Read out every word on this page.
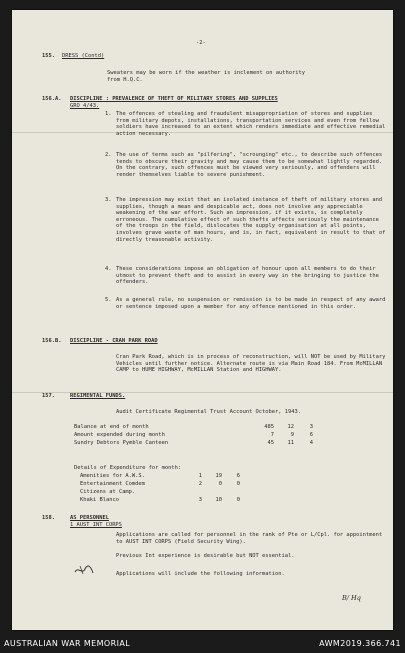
-2-
155. DRESS (Contd)
Sweaters may be worn if the weather is inclement on authority from H.Q.C.
156.A. DISCIPLINE : PREVALENCE OF THEFT OF MILITARY STORES AND SUPPLIES
GRO 4/43.
1. The offences of stealing and fraudulent misappropriation of stores and supplies from military depots, installations, transportation services and even from fellow soldiers have increased to an extent which renders immediate and effective remedial action necessary.
2. The use of terms such as "pilfering", "scrounging" etc., to describe such offences tends to obscure their gravity and may cause them to be somewhat lightly regarded. On the contrary, such offences must be viewed very seriously, and offenders will render themselves liable to severe punishment.
3. The impression may exist that an isolated instance of theft of military stores and supplies, though a mean and despicable act, does not involve any appreciable weakening of the war effort. Such an impression, if it exists, is completely erroneous. The cumulative effect of such thefts affects seriously the maintenance of the troops in the field, dislocates the supply organisation at all points, involves grave waste of man hours, and is, in fact, equivalent in result to that of directly treasonable activity.
4. These considerations impose an obligation of honour upon all members to do their utmost to prevent theft and to assist in every way in the bringing to justice the offenders.
5. As a general rule, no suspension or remission is to be made in respect of any award or sentence imposed upon a member for any offence mentioned in this order.
156.B. DISCIPLINE - CRAN PARK ROAD
Cran Park Road, which is in process of reconstruction, will NOT be used by Military Vehicles until further notice. Alternate route is via Main Road 184. From McMILLAN CAMP to HUME HIGHWAY, McMILLAN Station and HIGHWAY.
157.	REGIMENTAL FUNDS.
Audit Certificate Regimental Trust Account October, 1943.
Balance at end of month	485	12	3
Amount expended during month	7	9	6
Sundry Debtors Pymble Canteen	45	11	4
Details of Expenditure for month:
Amenities for A.W.S.	1	19	6
Entertainment Comdem	2	0	0
Citizens at Camp.
Khaki Blanco	3	10	0
158.	AS PERSONNEL
1 AUST INT CORPS
Applications are called for personnel in the rank of Pte or L/Cpl. for appointment to AUST INT CORPS (Field Security Wing).
Previous Int experience is desirable but NOT essential.
Applications will include the following information.
B/ Hq
AUSTRALIAN WAR MEMORIAL	AWM2019.366.741
